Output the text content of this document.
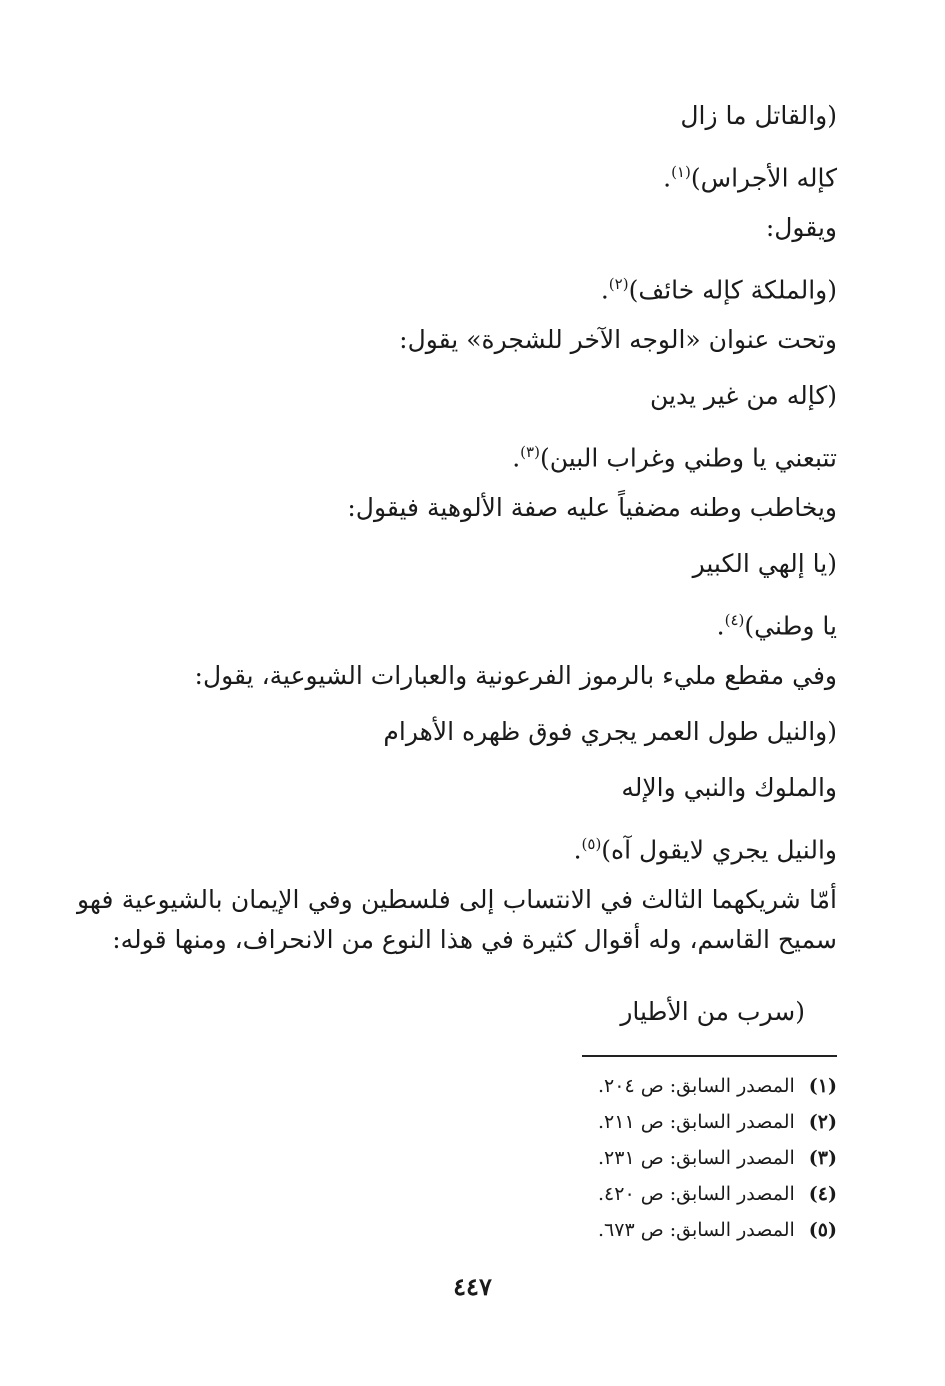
(والقاتل ما زال
كإله الأجراس)$^{(١)}$.
ويقول:
(والملكة كإله خائف)$^{(٢)}$.
وتحت عنوان «الوجه الآخر للشجرة» يقول:
(كإله من غير يدين
تتبعني يا وطني وغراب البين)$^{(٣)}$.
ويخاطب وطنه مضفياً عليه صفة الألوهية فيقول:
(يا إلهي الكبير
يا وطني)$^{(٤)}$.
وفي مقطع مليء بالرموز الفرعونية والعبارات الشيوعية، يقول:
(والنيل طول العمر يجري فوق ظهره الأهرام
والملوك والنبي والإله
والنيل يجري لايقول آه)$^{(٥)}$.
أمّا شريكهما الثالث في الانتساب إلى فلسطين وفي الإيمان بالشيوعية فهو سميح القاسم، وله أقوال كثيرة في هذا النوع من الانحراف، ومنها قوله:
(سرب من الأطيار
(١)المصدر السابق: ص ٢٠٤.
(٢)المصدر السابق: ص ٢١١.
(٣)المصدر السابق: ص ٢٣١.
(٤)المصدر السابق: ص ٤٢٠.
(٥)المصدر السابق: ص ٦٧٣.
٤٤٧
